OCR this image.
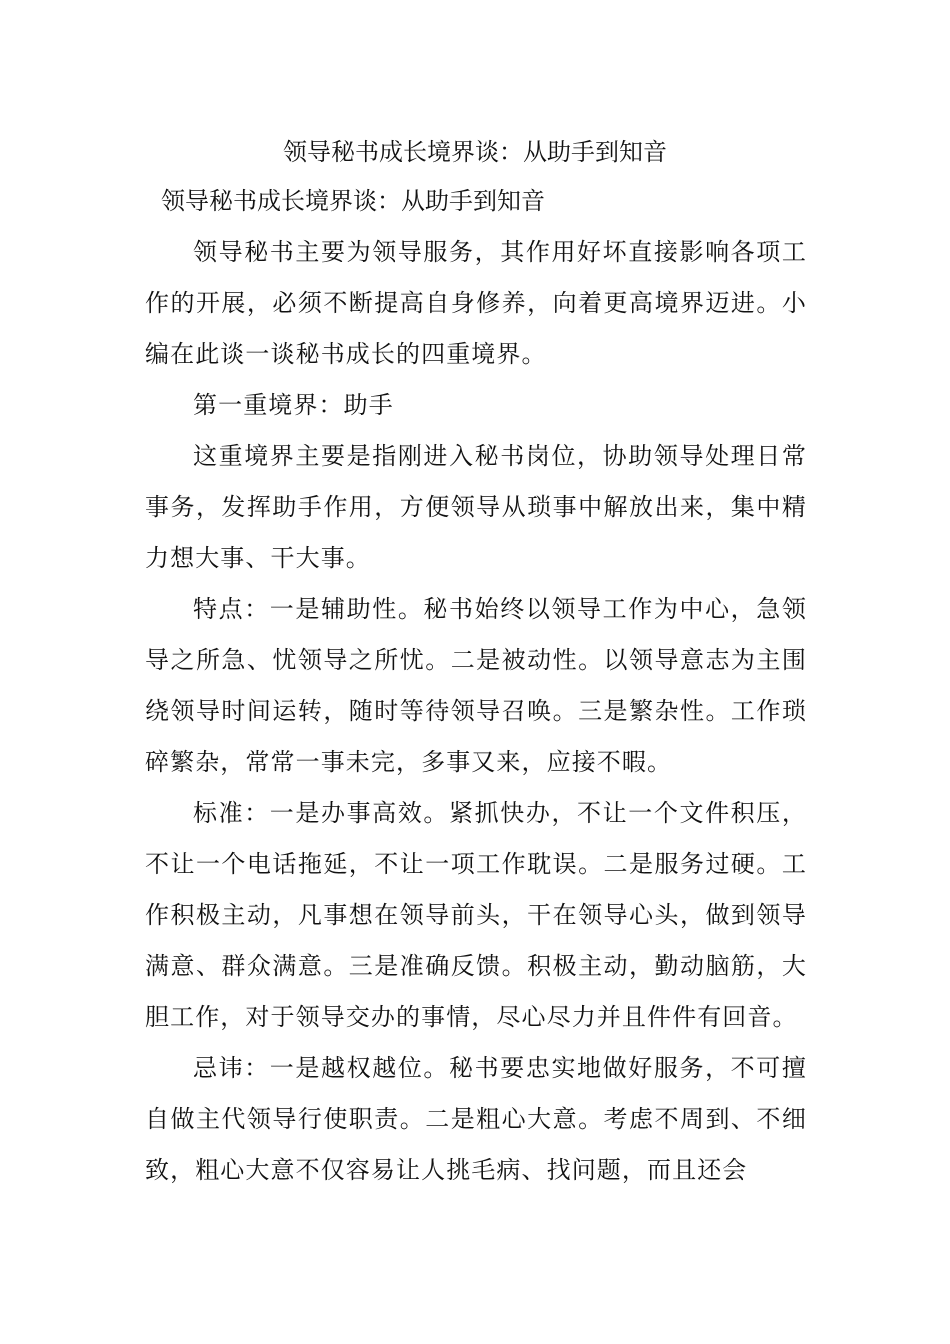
领导秘书成长境界谈：从助手到知音
领导秘书成长境界谈：从助手到知音

领导秘书主要为领导服务，其作用好坏直接影响各项工作的开展，必须不断提高自身修养，向着更高境界迈进。小编在此谈一谈秘书成长的四重境界。

第一重境界：助手

这重境界主要是指刚进入秘书岗位，协助领导处理日常事务，发挥助手作用，方便领导从琐事中解放出来，集中精力想大事、干大事。

特点：一是辅助性。秘书始终以领导工作为中心，急领导之所急、忧领导之所忧。二是被动性。以领导意志为主围绕领导时间运转，随时等待领导召唤。三是繁杂性。工作琐碎繁杂，常常一事未完，多事又来，应接不暇。

标准：一是办事高效。紧抓快办，不让一个文件积压，不让一个电话拖延，不让一项工作耽误。二是服务过硬。工作积极主动，凡事想在领导前头，干在领导心头，做到领导满意、群众满意。三是准确反馈。积极主动，勤动脑筋，大胆工作，对于领导交办的事情，尽心尽力并且件件有回音。

忌讳：一是越权越位。秘书要忠实地做好服务，不可擅自做主代领导行使职责。二是粗心大意。考虑不周到、不细致，粗心大意不仅容易让人挑毛病、找问题，而且还会
